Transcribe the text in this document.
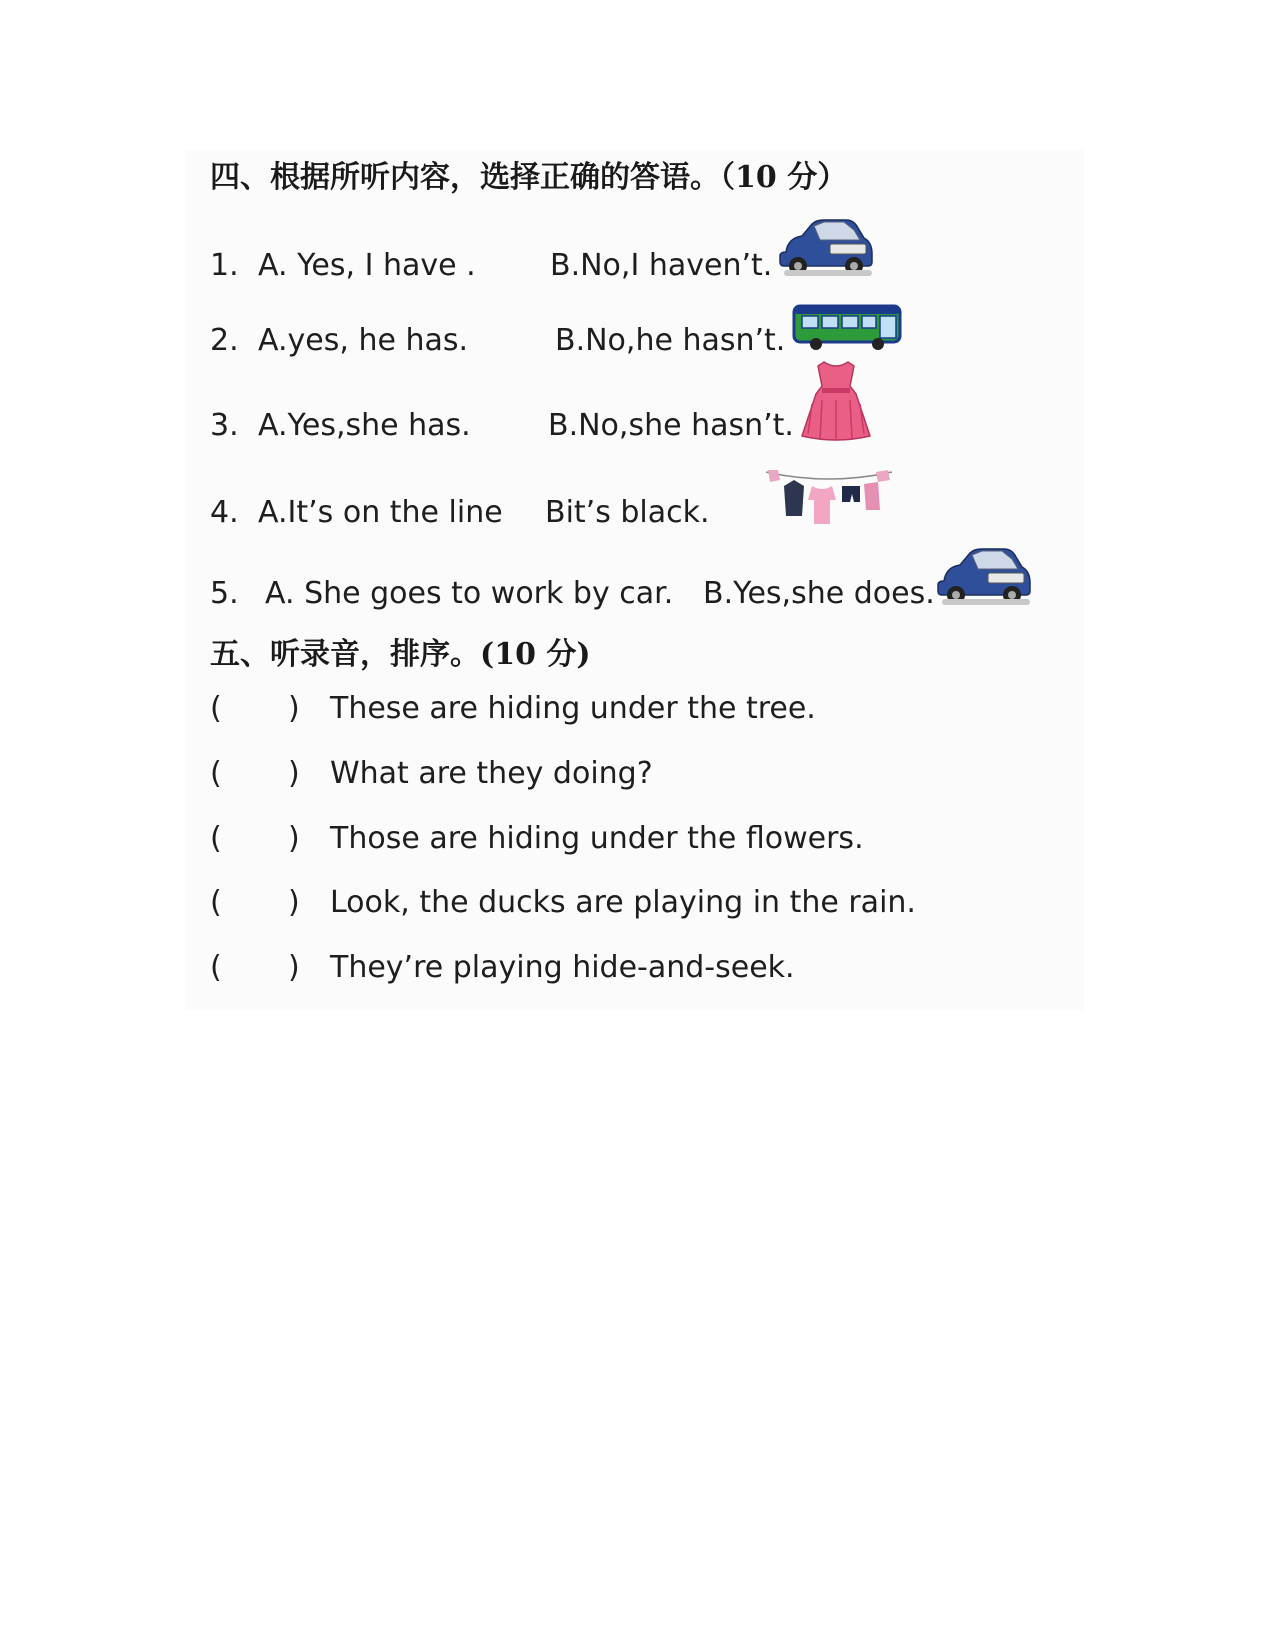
四、根据所听内容，选择正确的答语。（10 分）
1. A. Yes, I have . B.No,I haven’t.
2. A.yes, he has.	B.No,he hasn’t.
3. A.Yes,she has.	B.No,she hasn’t.
4. A.It’s on the line Bit’s black.
5. A. She goes to work by car. B.Yes,she does.
五、听录音，排序。(10 分)
( ) These are hiding under the tree.
( ) What are they doing?
( ) Those are hiding under the flowers.
( ) Look, the ducks are playing in the rain.
( ) They’re playing hide-and-seek.
